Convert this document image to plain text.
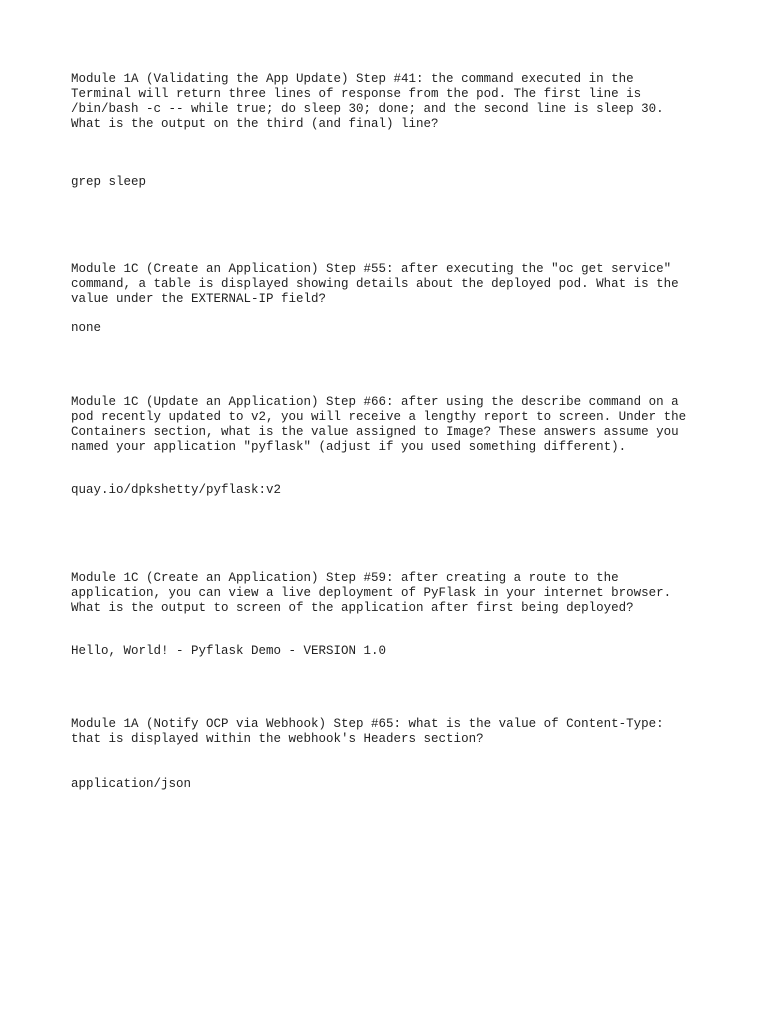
Module 1A (Validating the App Update) Step #41: the command executed in the
Terminal will return three lines of response from the pod. The first line is
/bin/bash -c -- while true; do sleep 30; done; and the second line is sleep 30.
What is the output on the third (and final) line?

grep sleep

Module 1C (Create an Application) Step #55: after executing the "oc get service"
command, a table is displayed showing details about the deployed pod. What is the
value under the EXTERNAL-IP field?

none

Module 1C (Update an Application) Step #66: after using the describe command on a
pod recently updated to v2, you will receive a lengthy report to screen. Under the
Containers section, what is the value assigned to Image? These answers assume you
named your application "pyflask" (adjust if you used something different).

quay.io/dpkshetty/pyflask:v2

Module 1C (Create an Application) Step #59: after creating a route to the
application, you can view a live deployment of PyFlask in your internet browser.
What is the output to screen of the application after first being deployed?

Hello, World! - Pyflask Demo - VERSION 1.0

Module 1A (Notify OCP via Webhook) Step #65: what is the value of Content-Type:
that is displayed within the webhook's Headers section?

application/json
